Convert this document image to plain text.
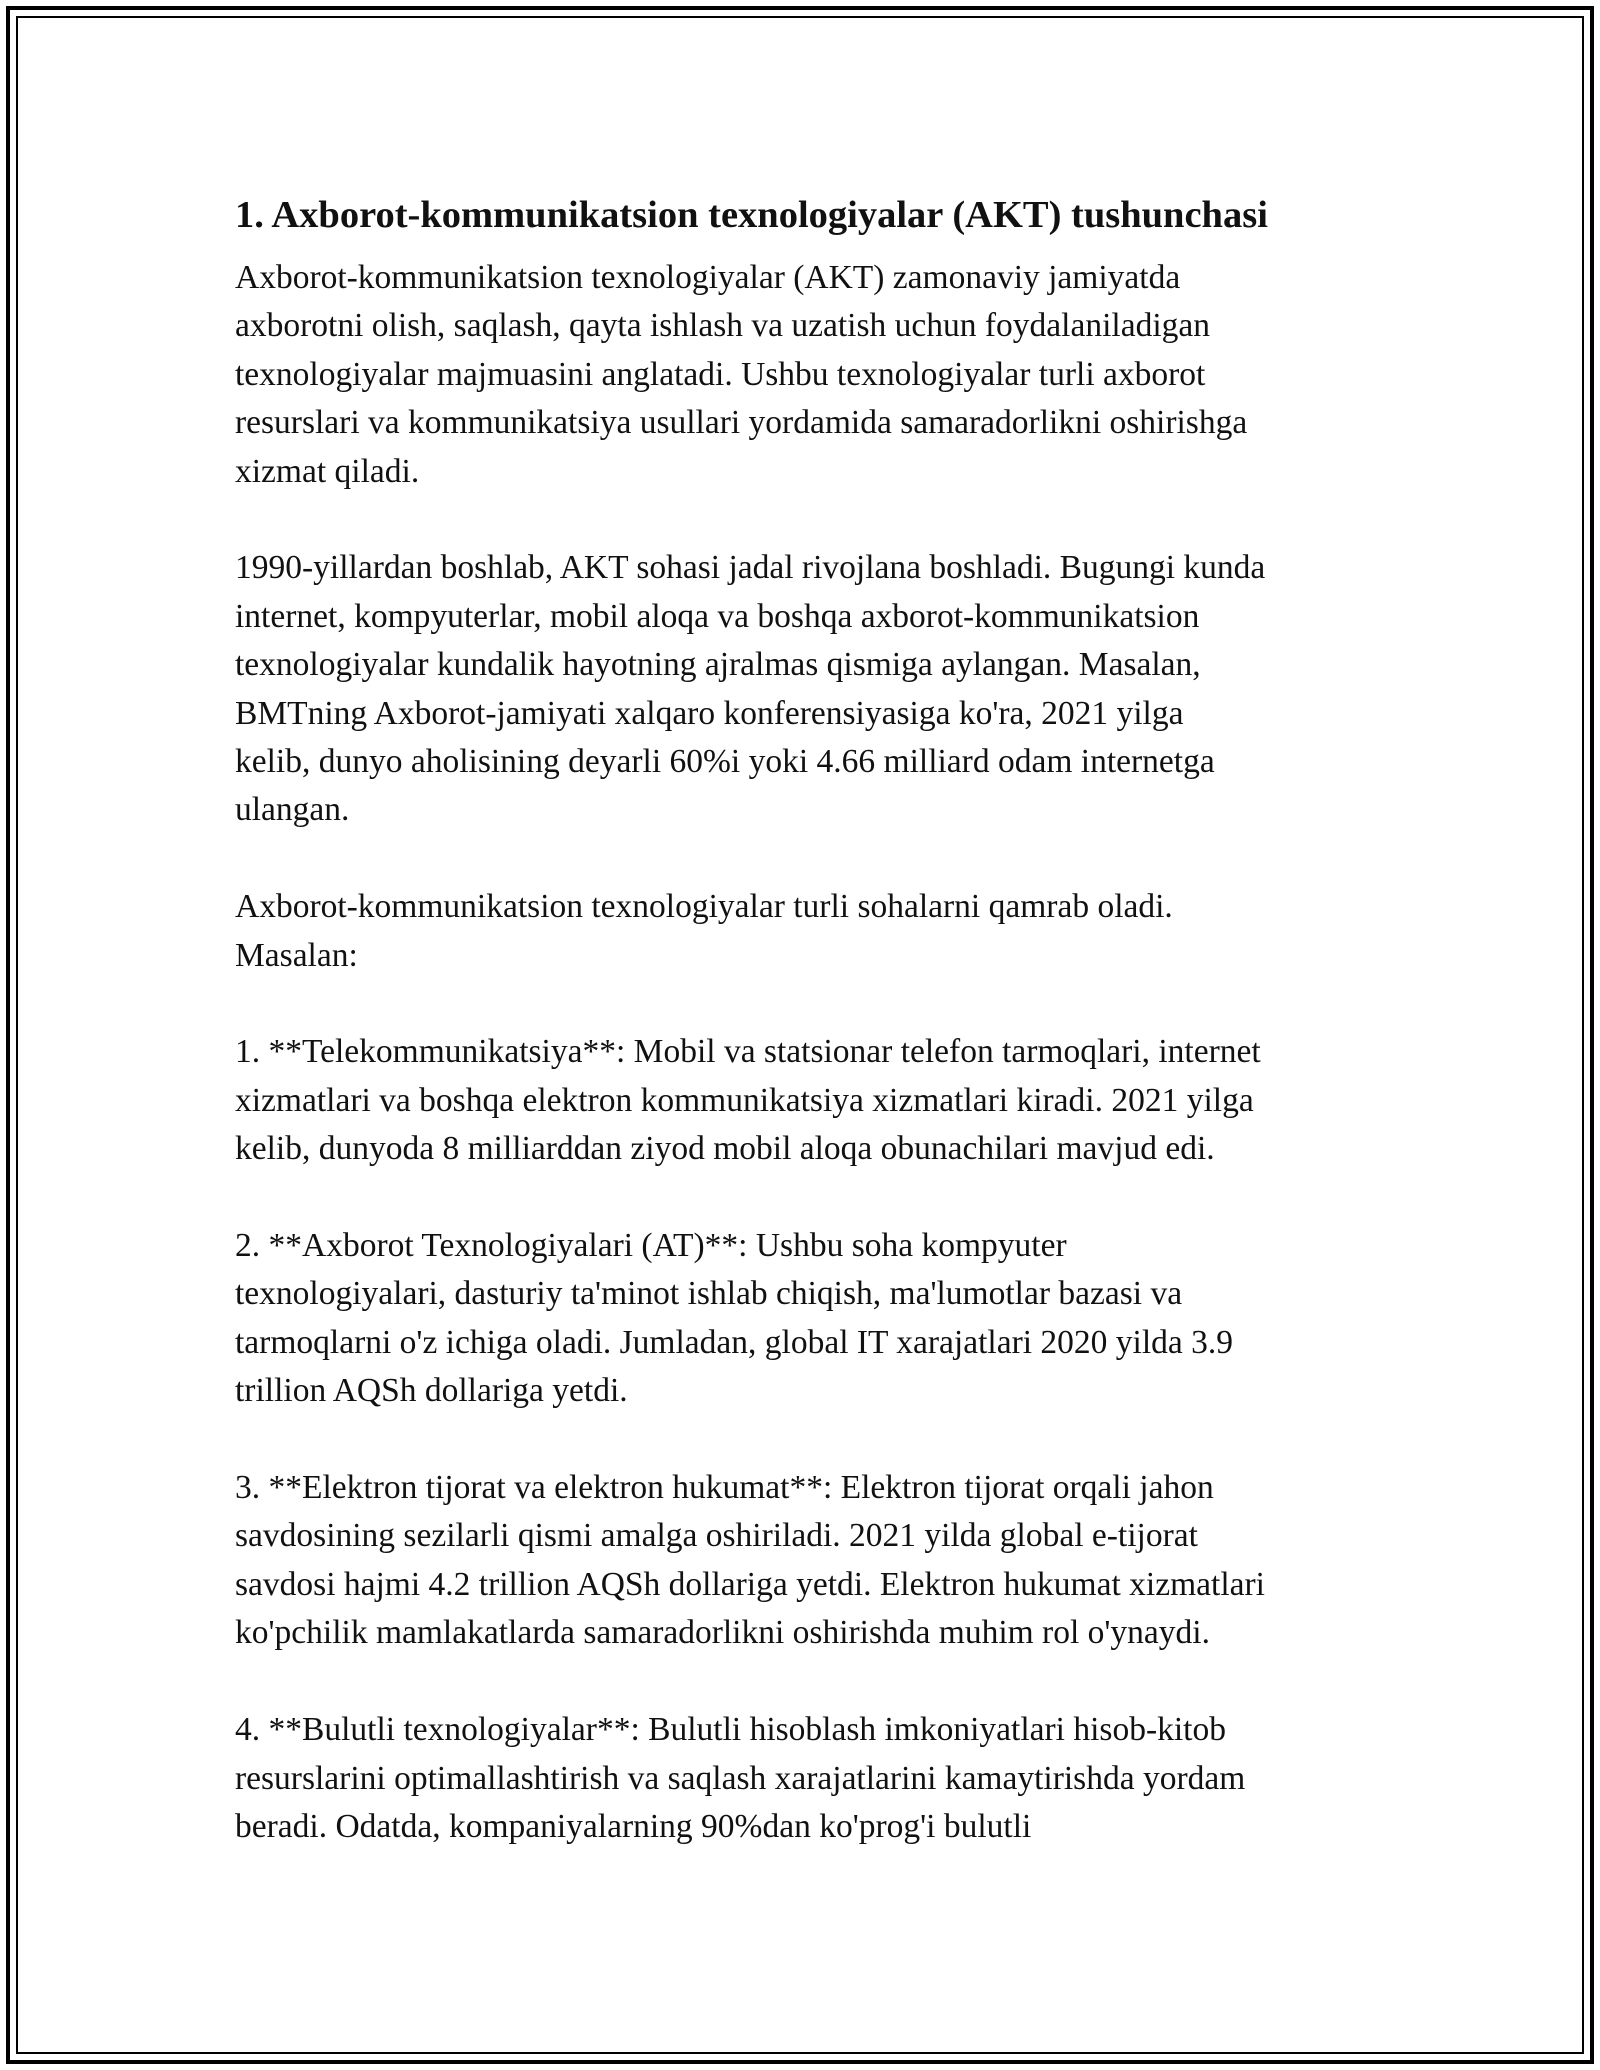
1. Axborot-kommunikatsion texnologiyalar (AKT) tushunchasi

Axborot-kommunikatsion texnologiyalar (AKT) zamonaviy jamiyatda
axborotni olish, saqlash, qayta ishlash va uzatish uchun foydalaniladigan
texnologiyalar majmuasini anglatadi. Ushbu texnologiyalar turli axborot
resurslari va kommunikatsiya usullari yordamida samaradorlikni oshirishga
xizmat qiladi.

1990-yillardan boshlab, AKT sohasi jadal rivojlana boshladi. Bugungi kunda
internet, kompyuterlar, mobil aloqa va boshqa axborot-kommunikatsion
texnologiyalar kundalik hayotning ajralmas qismiga aylangan. Masalan,
BMTning Axborot-jamiyati xalqaro konferensiyasiga ko'ra, 2021 yilga
kelib, dunyo aholisining deyarli 60%i yoki 4.66 milliard odam internetga
ulangan.

Axborot-kommunikatsion texnologiyalar turli sohalarni qamrab oladi.
Masalan:

1. **Telekommunikatsiya**: Mobil va statsionar telefon tarmoqlari, internet
xizmatlari va boshqa elektron kommunikatsiya xizmatlari kiradi. 2021 yilga
kelib, dunyoda 8 milliarddan ziyod mobil aloqa obunachilari mavjud edi.

2. **Axborot Texnologiyalari (AT)**: Ushbu soha kompyuter
texnologiyalari, dasturiy ta'minot ishlab chiqish, ma'lumotlar bazasi va
tarmoqlarni o'z ichiga oladi. Jumladan, global IT xarajatlari 2020 yilda 3.9
trillion AQSh dollariga yetdi.

3. **Elektron tijorat va elektron hukumat**: Elektron tijorat orqali jahon
savdosining sezilarli qismi amalga oshiriladi. 2021 yilda global e-tijorat
savdosi hajmi 4.2 trillion AQSh dollariga yetdi. Elektron hukumat xizmatlari
ko'pchilik mamlakatlarda samaradorlikni oshirishda muhim rol o'ynaydi.

4. **Bulutli texnologiyalar**: Bulutli hisoblash imkoniyatlari hisob-kitob
resurslarini optimallashtirish va saqlash xarajatlarini kamaytirishda yordam
beradi. Odatda, kompaniyalarning 90%dan ko'prog'i bulutli
